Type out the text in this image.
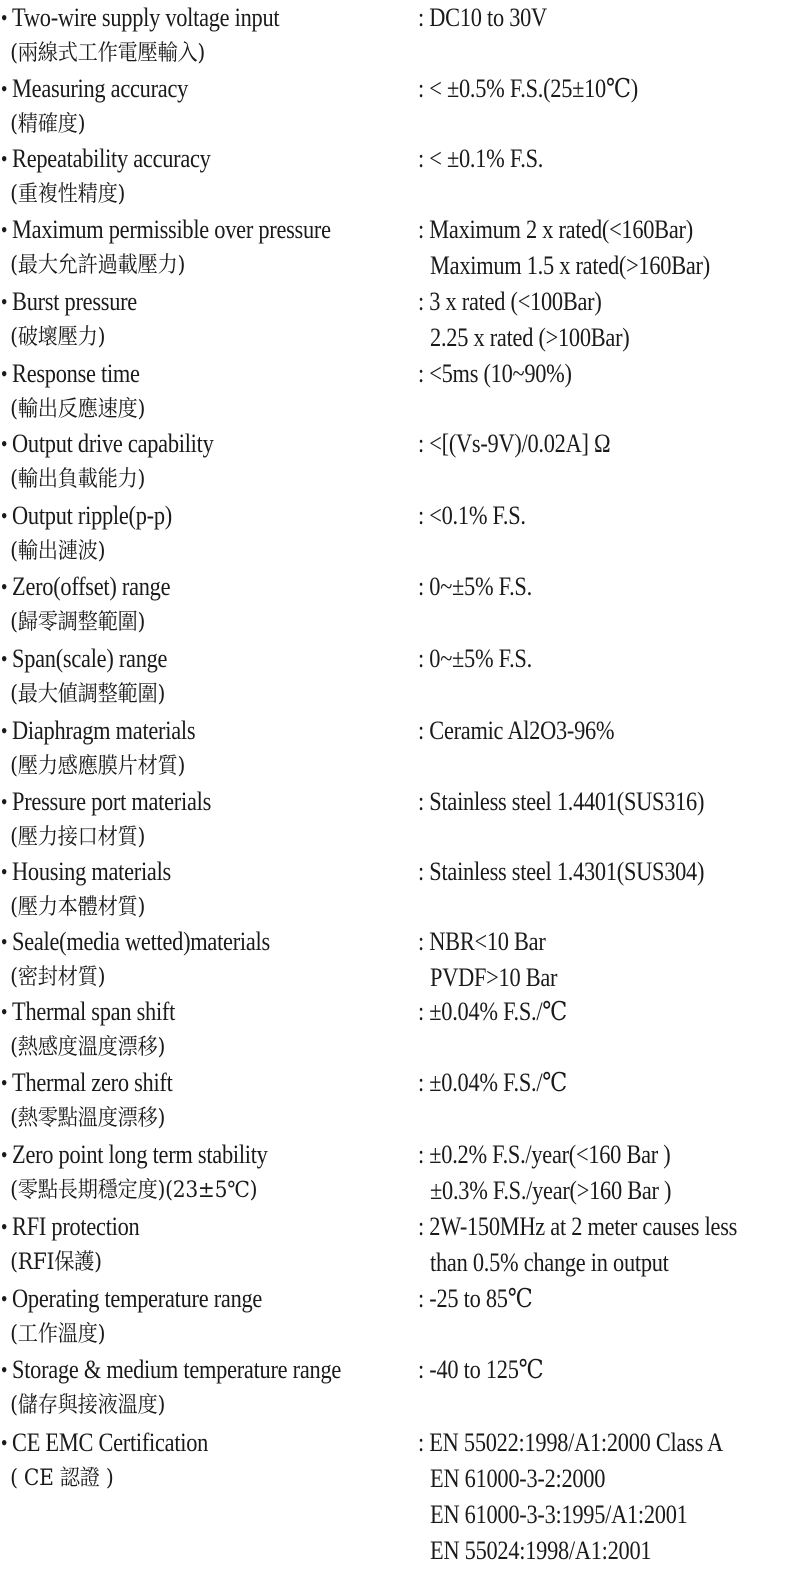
• Two-wire supply voltage input
(兩線式工作電壓輸入)
: DC10 to 30V
• Measuring accuracy
(精確度)
: < ±0.5% F.S.(25±10℃)
• Repeatability accuracy
(重複性精度)
: < ±0.1% F.S.
• Maximum permissible over pressure
(最大允許過載壓力)
: Maximum 2 x rated(<160Bar)
Maximum 1.5 x rated(>160Bar)
• Burst pressure
(破壞壓力)
: 3 x rated (<100Bar)
2.25 x rated (>100Bar)
• Response time
(輸出反應速度)
: <5ms (10~90%)
• Output drive capability
(輸出負載能力)
: <[(Vs-9V)/0.02A] Ω
• Output ripple(p-p)
(輸出漣波)
: <0.1% F.S.
• Zero(offset) range
(歸零調整範圍)
: 0~±5% F.S.
• Span(scale) range
(最大値調整範圍)
: 0~±5% F.S.
• Diaphragm materials
(壓力感應膜片材質)
: Ceramic Al2O3-96%
• Pressure port materials
(壓力接口材質)
: Stainless steel 1.4401(SUS316)
• Housing materials
(壓力本體材質)
: Stainless steel 1.4301(SUS304)
• Seale(media wetted)materials
(密封材質)
: NBR<10 Bar
PVDF>10 Bar
• Thermal span shift
(熱感度溫度漂移)
: ±0.04% F.S./℃
• Thermal zero shift
(熱零點溫度漂移)
: ±0.04% F.S./℃
• Zero point long term stability
(零點長期穩定度)(23±5℃)
: ±0.2% F.S./year(<160 Bar )
±0.3% F.S./year(>160 Bar )
• RFI protection
(RFI保護)
: 2W-150MHz at 2 meter causes less
than 0.5% change in output
• Operating temperature range
(工作溫度)
: -25 to 85℃
• Storage & medium temperature range
(儲存與接液溫度)
: -40 to 125℃
• CE EMC Certification
( CE 認證 )
: EN 55022:1998/A1:2000 Class A
EN 61000-3-2:2000
EN 61000-3-3:1995/A1:2001
EN 55024:1998/A1:2001
